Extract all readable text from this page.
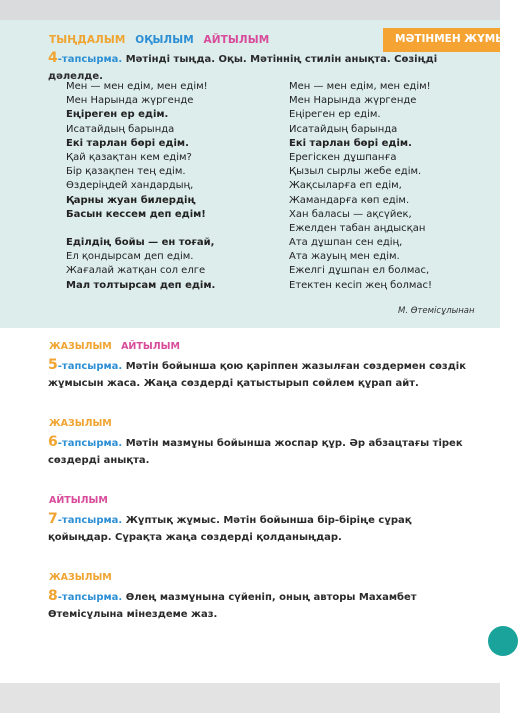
ТЫҢДАЛЫМ ОҚЫЛЫМ АЙТЫЛЫМ	МӘТІНМЕН ЖҰМЫС
4-тапсырма. Мәтінді тыңда. Оқы. Мәтіннің стилін анықта. Сөзіңді дәлелде.
Мен — мен едім, мен едім!
Мен Нарында жүргенде
Еңіреген ер едім.
Исатайдың барында
Екі тарлан бөрі едім.
Қай қазақтан кем едім?
Бір қазақпен тең едім.
Өздеріңдей хандардың,
Қарны жуан билердің
Басын кессем деп едім!
Еділдің бойы — ен тоғай,
Ел қондырсам деп едім.
Жағалай жатқан сол елге
Мал толтырсам деп едім.
Мен — мен едім, мен едім!
Мен Нарында жүргенде
Еңіреген ер едім.
Исатайдың барында
Екі тарлан бөрі едім.
Ерегіскен дұшпанға
Қызыл сырлы жебе едім.
Жақсыларға еп едім,
Жамандарға көп едім.
Хан баласы — ақсүйек,
Ежелден табан аңдысқан
Ата дұшпан сен едің,
Ата жауың мен едім.
Ежелгі дұшпан ел болмас,
Етектен кесіп жең болмас!
М. Өтемісұлынан
ЖАЗЫЛЫМ АЙТЫЛЫМ
5-тапсырма. Мәтін бойынша қою қаріппен жазылған сөздермен сөздік жұмысын жаса. Жаңа сөздерді қатыстырып сөйлем құрап айт.
ЖАЗЫЛЫМ
6-тапсырма. Мәтін мазмұны бойынша жоспар құр. Әр абзацтағы тірек сөздерді анықта.
АЙТЫЛЫМ
7-тапсырма. Жұптық жұмыс. Мәтін бойынша бір-біріңе сұрақ қойыңдар. Сұрақта жаңа сөздерді қолданыңдар.
ЖАЗЫЛЫМ
8-тапсырма. Өлең мазмұнына сүйеніп, оның авторы Махамбет Өтемісұлына мінездеме жаз.
